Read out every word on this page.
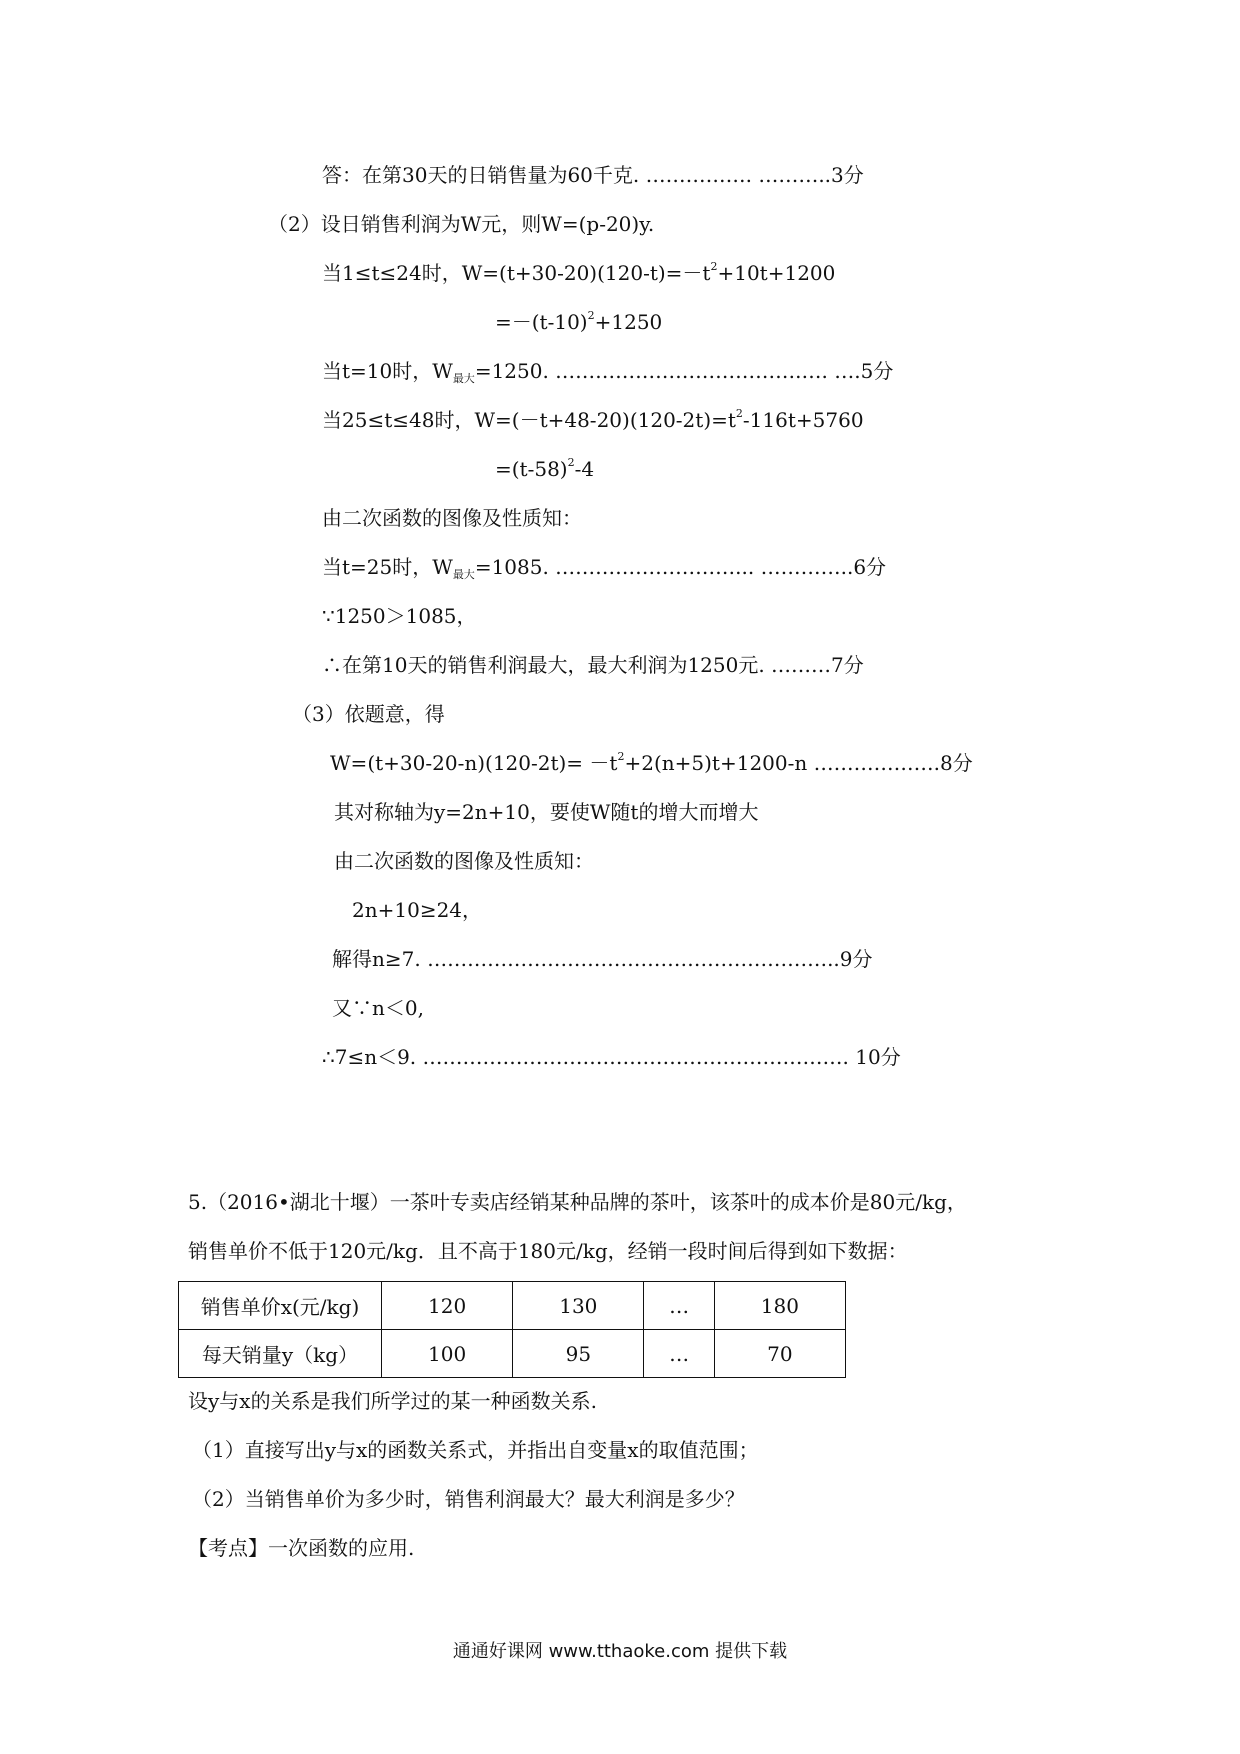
答：在第30天的日销售量为60千克. ……………. ………..3分
（2）设日销售利润为W元，则W=(p-20)y.
当1≤t≤24时，$W=(t+30-20)(120-t)=-t^2+10t+1200$
$=-(t-10)^2+1250$
当t=10时，$W_{最大}=1250$. ……………………………….…. ….5分
当25≤t≤48时，$W=(-t+48-20)(120-2t)=t^2-116t+5760$
$=(t-58)^2-4$
由二次函数的图像及性质知：
当t=25时，$W_{最大}=1085$. ………………………... …………..6分
∵1250＞1085，
∴在第10天的销售利润最大，最大利润为1250元. ………7分
（3）依题意，得
$W=(t+30-20-n)(120-2t)= -t^2+2(n+5)t+1200-n$ ……………….8分
其对称轴为y=2n+10，要使W随t的增大而增大
由二次函数的图像及性质知：
2n+10≥24，
解得n≥7. ……………………………………………………..9分
又∵n＜0,
∴7≤n＜9. ………………………………………………………. 10分
5.（2016•湖北十堰）一茶叶专卖店经销某种品牌的茶叶，该茶叶的成本价是80元/kg，
销售单价不低于120元/kg．且不高于180元/kg，经销一段时间后得到如下数据：
销售单价x(元/kg)	120	130	…	180
每天销量y（kg）	100	95	…	70
设y与x的关系是我们所学过的某一种函数关系.
（1）直接写出y与x的函数关系式，并指出自变量x的取值范围；
（2）当销售单价为多少时，销售利润最大？最大利润是多少？
【考点】一次函数的应用.
通通好课网 www.tthaoke.com 提供下载
